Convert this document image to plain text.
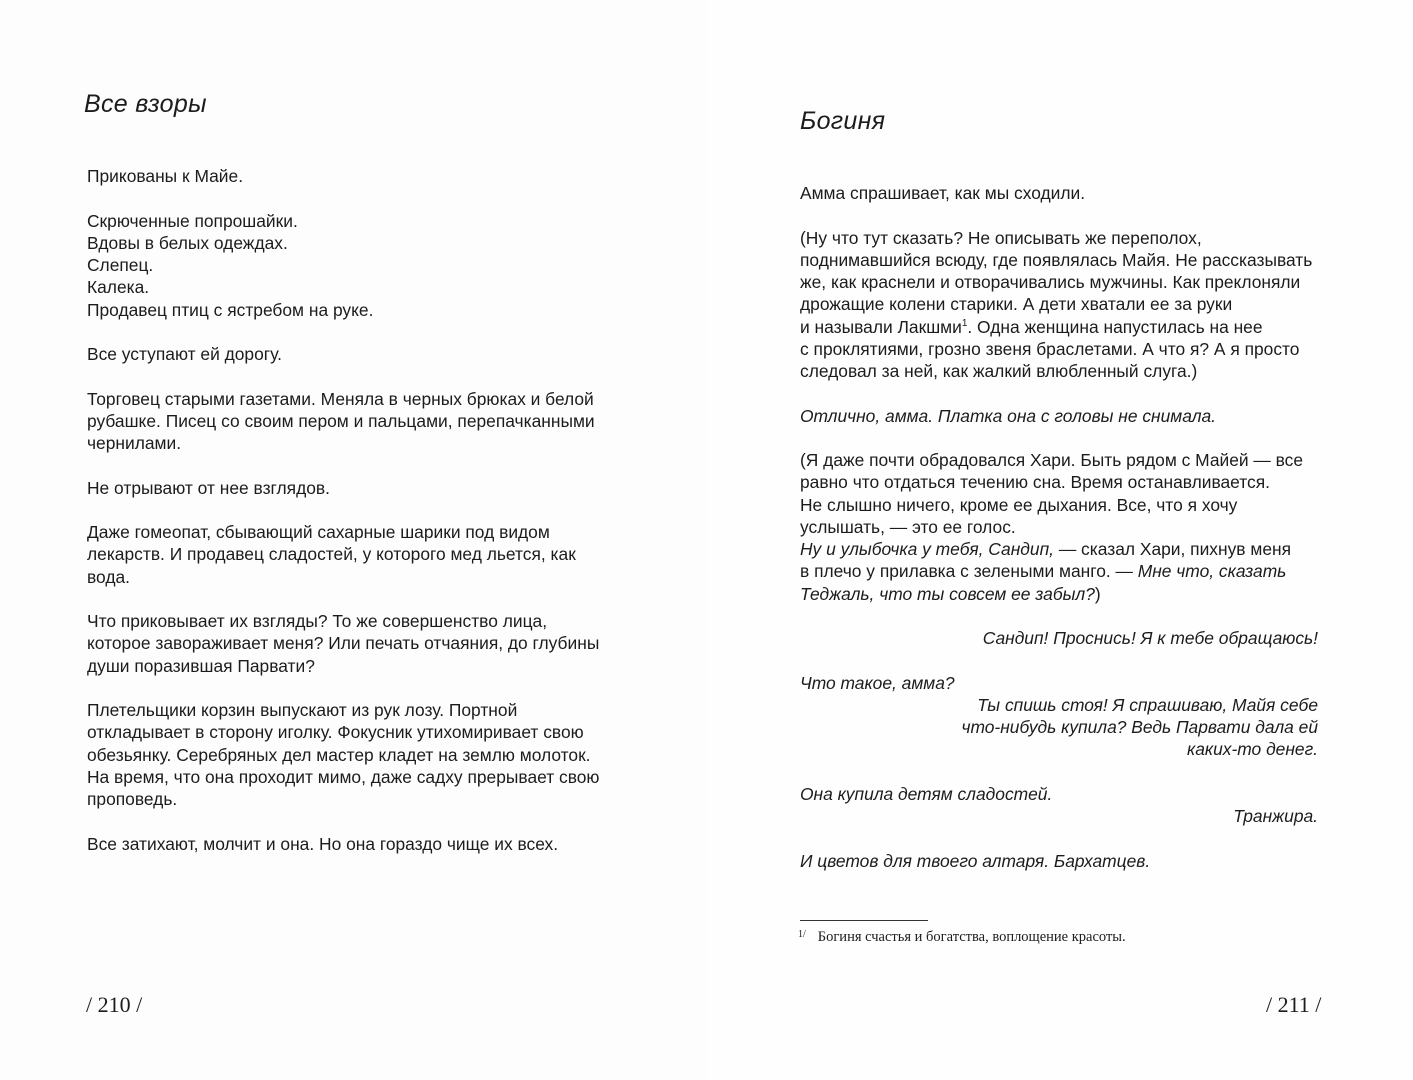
Все взоры
Прикованы к Майе.
Скрюченные попрошайки.
Вдовы в белых одеждах.
Слепец.
Калека.
Продавец птиц с ястребом на руке.
Все уступают ей дорогу.
Торговец старыми газетами. Меняла в черных брюках и белой
рубашке. Писец со своим пером и пальцами, перепачканными
чернилами.
Не отрывают от нее взглядов.
Даже гомеопат, сбывающий сахарные шарики под видом
лекарств. И продавец сладостей, у которого мед льется, как
вода.
Что приковывает их взгляды? То же совершенство лица,
которое завораживает меня? Или печать отчаяния, до глубины
души поразившая Парвати?
Плетельщики корзин выпускают из рук лозу. Портной
откладывает в сторону иголку. Фокусник утихомиривает свою
обезьянку. Серебряных дел мастер кладет на землю молоток.
На время, что она проходит мимо, даже садху прерывает свою
проповедь.
Все затихают, молчит и она. Но она гораздо чище их всех.
/ 210 /
Богиня
Амма спрашивает, как мы сходили.
(Ну что тут сказать? Не описывать же переполох,
поднимавшийся всюду, где появлялась Майя. Не рассказывать
же, как краснели и отворачивались мужчины. Как преклоняли
дрожащие колени старики. А дети хватали ее за руки
и называли Лакшми$^1$. Одна женщина напустилась на нее
с проклятиями, грозно звеня браслетами. А что я? А я просто
следовал за ней, как жалкий влюбленный слуга.)
Отлично, амма. Платка она с головы не снимала.
(Я даже почти обрадовался Хари. Быть рядом с Майей — все
равно что отдаться течению сна. Время останавливается.
Не слышно ничего, кроме ее дыхания. Все, что я хочу
услышать, — это ее голос.
Ну и улыбочка у тебя, Сандип, — сказал Хари, пихнув меня
в плечо у прилавка с зелеными манго. — Мне что, сказать
Теджаль, что ты совсем ее забыл?)
Сандип! Проснись! Я к тебе обращаюсь!
Что такое, амма?
Ты спишь стоя! Я спрашиваю, Майя себе
что-нибудь купила? Ведь Парвати дала ей
каких-то денег.
Она купила детям сладостей.
Транжира.
И цветов для твоего алтаря. Бархатцев.
$^{1/}$ Богиня счастья и богатства, воплощение красоты.
/ 211 /
